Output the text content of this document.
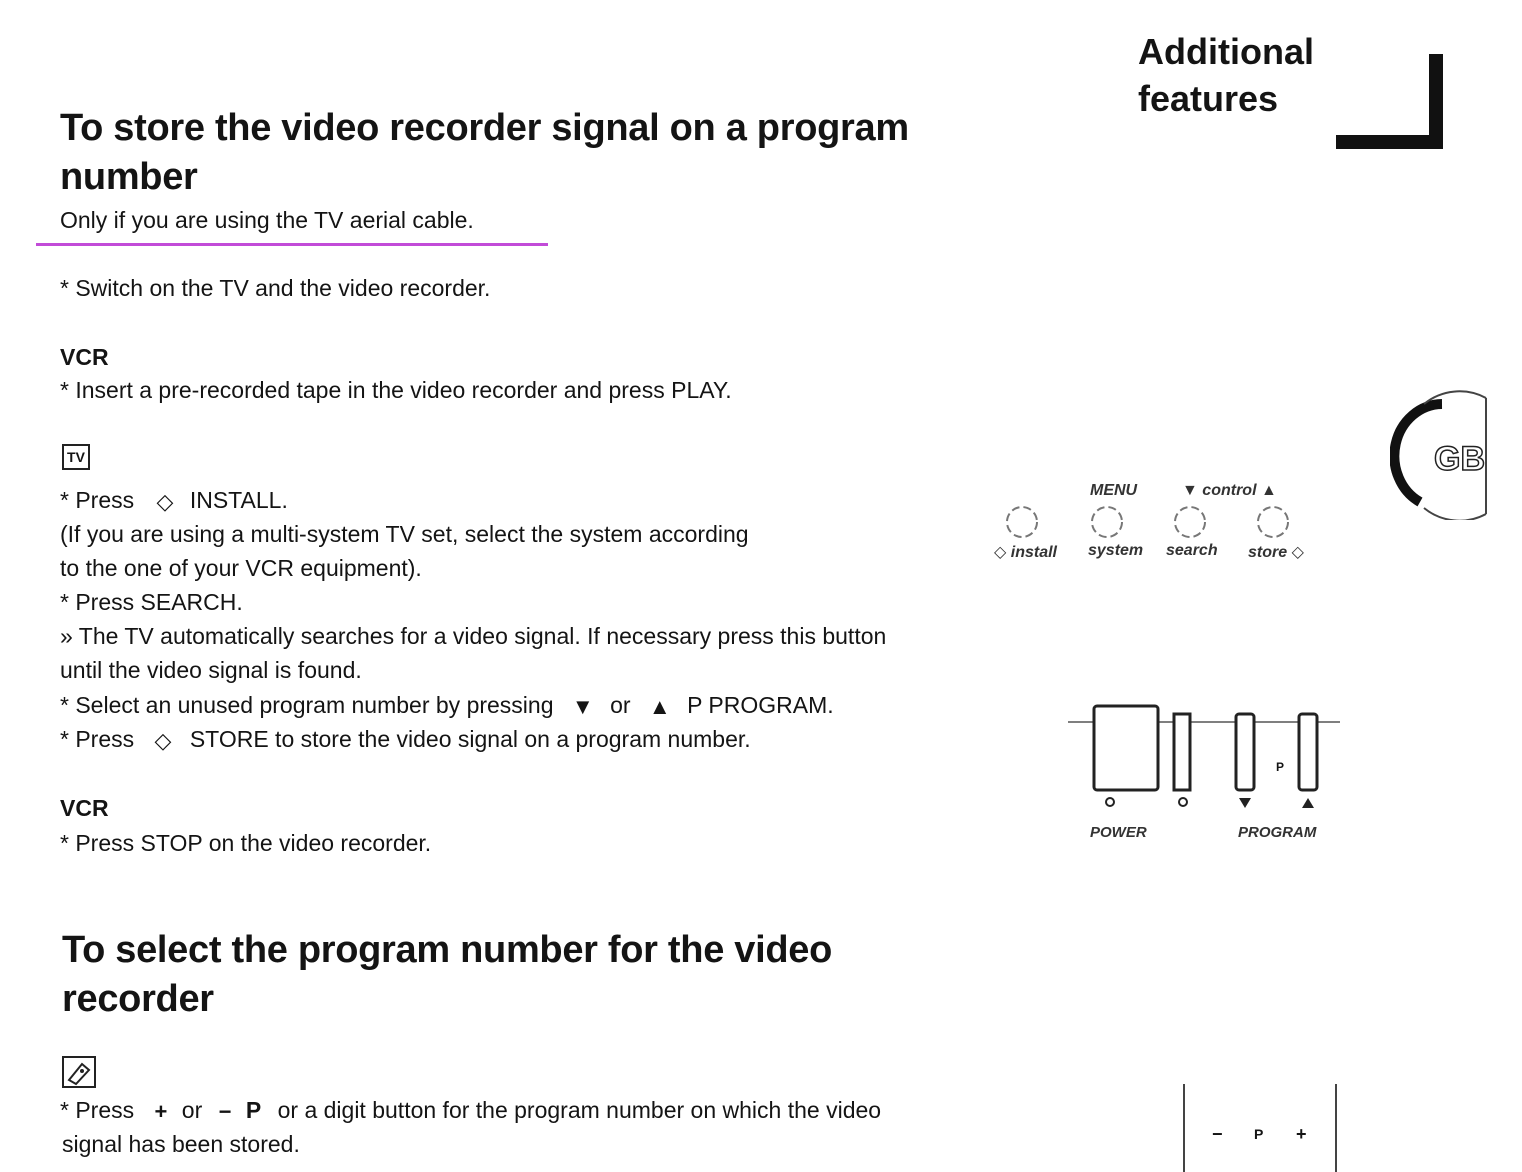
Additional
features
GB
To store the video recorder signal on a program
number
Only if you are using the TV aerial cable.
* Switch on the TV and the video recorder.
VCR
* Insert a pre-recorded tape in the video recorder and press PLAY.
TV
* Press ◇ INSTALL.
(If you are using a multi-system TV set, select the system according
to the one of your VCR equipment).
* Press SEARCH.
» The TV automatically searches for a video signal. If necessary press this button
until the video signal is found.
* Select an unused program number by pressing ▼ or ▲ P PROGRAM.
* Press ◇ STORE to store the video signal on a program number.
VCR
* Press STOP on the video recorder.
To select the program number for the video
recorder
* Press + or − P or a digit button for the program number on which the video
signal has been stored.
MENU	▼ control ▲
◇ install system search store ◇
P
POWER	PROGRAM
− P +
